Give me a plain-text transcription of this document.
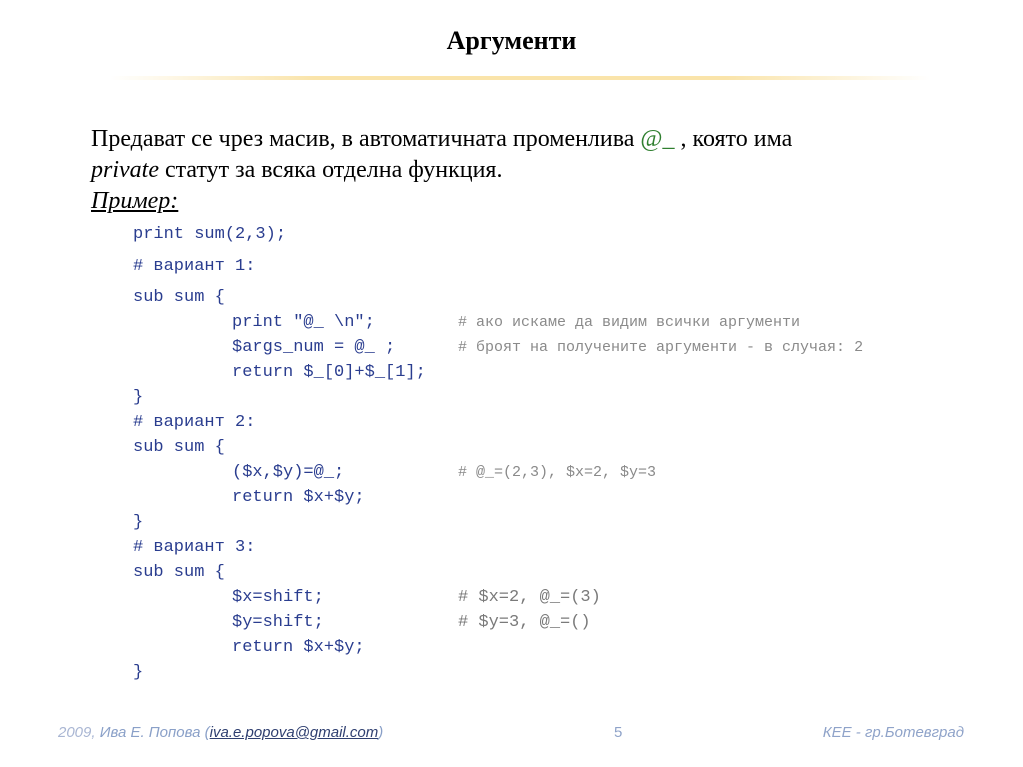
Аргументи
Предават се чрез масив, в автоматичната променлива @_ , която има
private статут за всяка отделна функция.
Пример:
print sum(2,3);
# вариант 1:
sub sum {
print "@_ \n";	# ако искаме да видим всички аргументи
$args_num = @_ ;	# броят на получените аргументи - в случая: 2
return $_[0]+$_[1];
}
# вариант 2:
sub sum {
($x,$y)=@_;	# @_=(2,3), $x=2, $y=3
return $x+$y;
}
# вариант 3:
sub sum {
$x=shift;	# $x=2, @_=(3)
$y=shift;	# $y=3, @_=()
return $x+$y;
}
2009, Ива Е. Попова (iva.e.popova@gmail.com)	5	КЕЕ - гр.Ботевград
